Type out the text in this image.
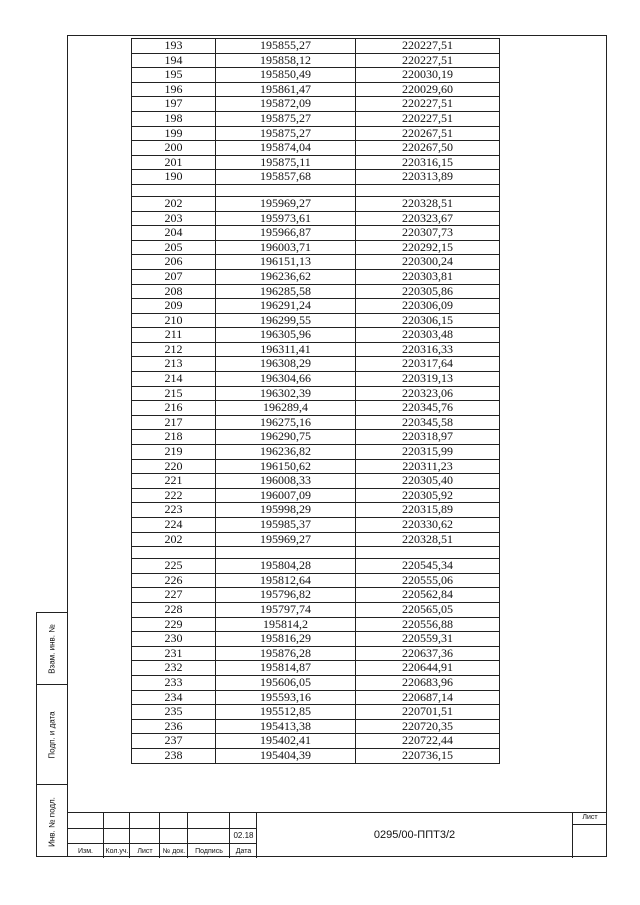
193	195855,27	220227,51
194	195858,12	220227,51
195	195850,49	220030,19
196	195861,47	220029,60
197	195872,09	220227,51
198	195875,27	220227,51
199	195875,27	220267,51
200	195874,04	220267,50
201	195875,11	220316,15
190	195857,68	220313,89

202	195969,27	220328,51
203	195973,61	220323,67
204	195966,87	220307,73
205	196003,71	220292,15
206	196151,13	220300,24
207	196236,62	220303,81
208	196285,58	220305,86
209	196291,24	220306,09
210	196299,55	220306,15
211	196305,96	220303,48
212	196311,41	220316,33
213	196308,29	220317,64
214	196304,66	220319,13
215	196302,39	220323,06
216	196289,4	220345,76
217	196275,16	220345,58
218	196290,75	220318,97
219	196236,82	220315,99
220	196150,62	220311,23
221	196008,33	220305,40
222	196007,09	220305,92
223	195998,29	220315,89
224	195985,37	220330,62
202	195969,27	220328,51

225	195804,28	220545,34
226	195812,64	220555,06
227	195796,82	220562,84
228	195797,74	220565,05
229	195814,2	220556,88
230	195816,29	220559,31
231	195876,28	220637,36
232	195814,87	220644,91
233	195606,05	220683,96
234	195593,16	220687,14
235	195512,85	220701,51
236	195413,38	220720,35
237	195402,41	220722,44
238	195404,39	220736,15
Взам. инв. №
Подп. и дата
Инв. № подл.
Изм.	Кол.уч.	Лист	№ док.	Подпись	Дата
02.18	0295/00-ППТ3/2
Лист
